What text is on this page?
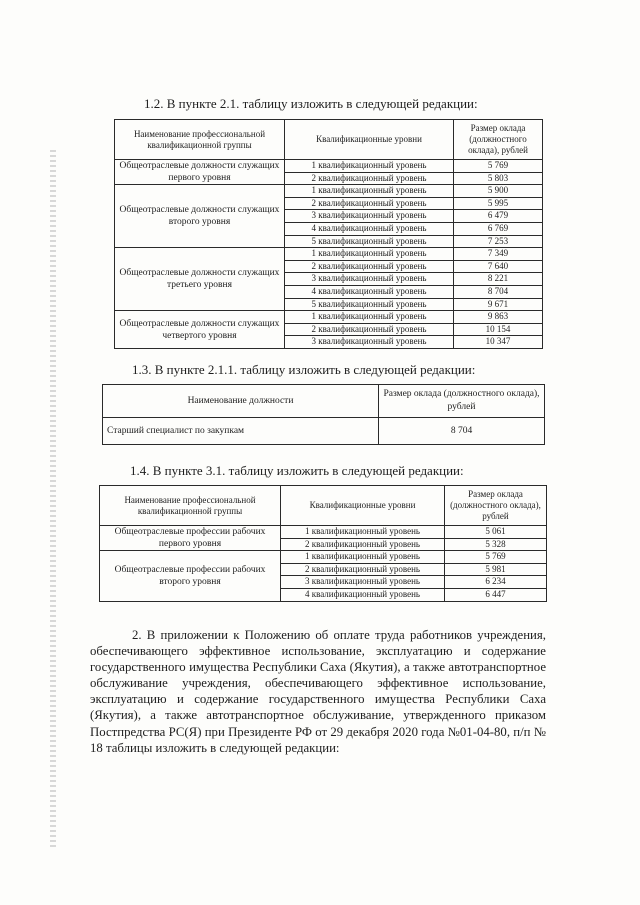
1.2. В пункте 2.1. таблицу изложить в следующей редакции:
Наименование профессиональной квалификационной группы	Квалификационные уровни	Размер оклада (должностного оклада), рублей
Общеотраслевые должности служащих первого уровня	1 квалификационный уровень	5 769
	2 квалификационный уровень	5 803
Общеотраслевые должности служащих второго уровня	1 квалификационный уровень	5 900
	2 квалификационный уровень	5 995
	3 квалификационный уровень	6 479
	4 квалификационный уровень	6 769
	5 квалификационный уровень	7 253
Общеотраслевые должности служащих третьего уровня	1 квалификационный уровень	7 349
	2 квалификационный уровень	7 640
	3 квалификационный уровень	8 221
	4 квалификационный уровень	8 704
	5 квалификационный уровень	9 671
Общеотраслевые должности служащих четвертого уровня	1 квалификационный уровень	9 863
	2 квалификационный уровень	10 154
	3 квалификационный уровень	10 347
1.3. В пункте 2.1.1. таблицу изложить в следующей редакции:
Наименование должности	Размер оклада (должностного оклада), рублей
Старший специалист по закупкам	8 704
1.4. В пункте 3.1. таблицу изложить в следующей редакции:
Наименование профессиональной квалификационной группы	Квалификационные уровни	Размер оклада (должностного оклада), рублей
Общеотраслевые профессии рабочих первого уровня	1 квалификационный уровень	5 061
	2 квалификационный уровень	5 328
Общеотраслевые профессии рабочих второго уровня	1 квалификационный уровень	5 769
	2 квалификационный уровень	5 981
	3 квалификационный уровень	6 234
	4 квалификационный уровень	6 447
2. В приложении к Положению об оплате труда работников учреждения, обеспечивающего эффективное использование, эксплуатацию и содержание государственного имущества Республики Саха (Якутия), а также автотранспортное обслуживание учреждения, обеспечивающего эффективное использование, эксплуатацию и содержание государственного имущества Республики Саха (Якутия), а также автотранспортное обслуживание, утвержденного приказом Постпредства РС(Я) при Президенте РФ от 29 декабря 2020 года №01-04-80, п/п № 18 таблицы изложить в следующей редакции:
